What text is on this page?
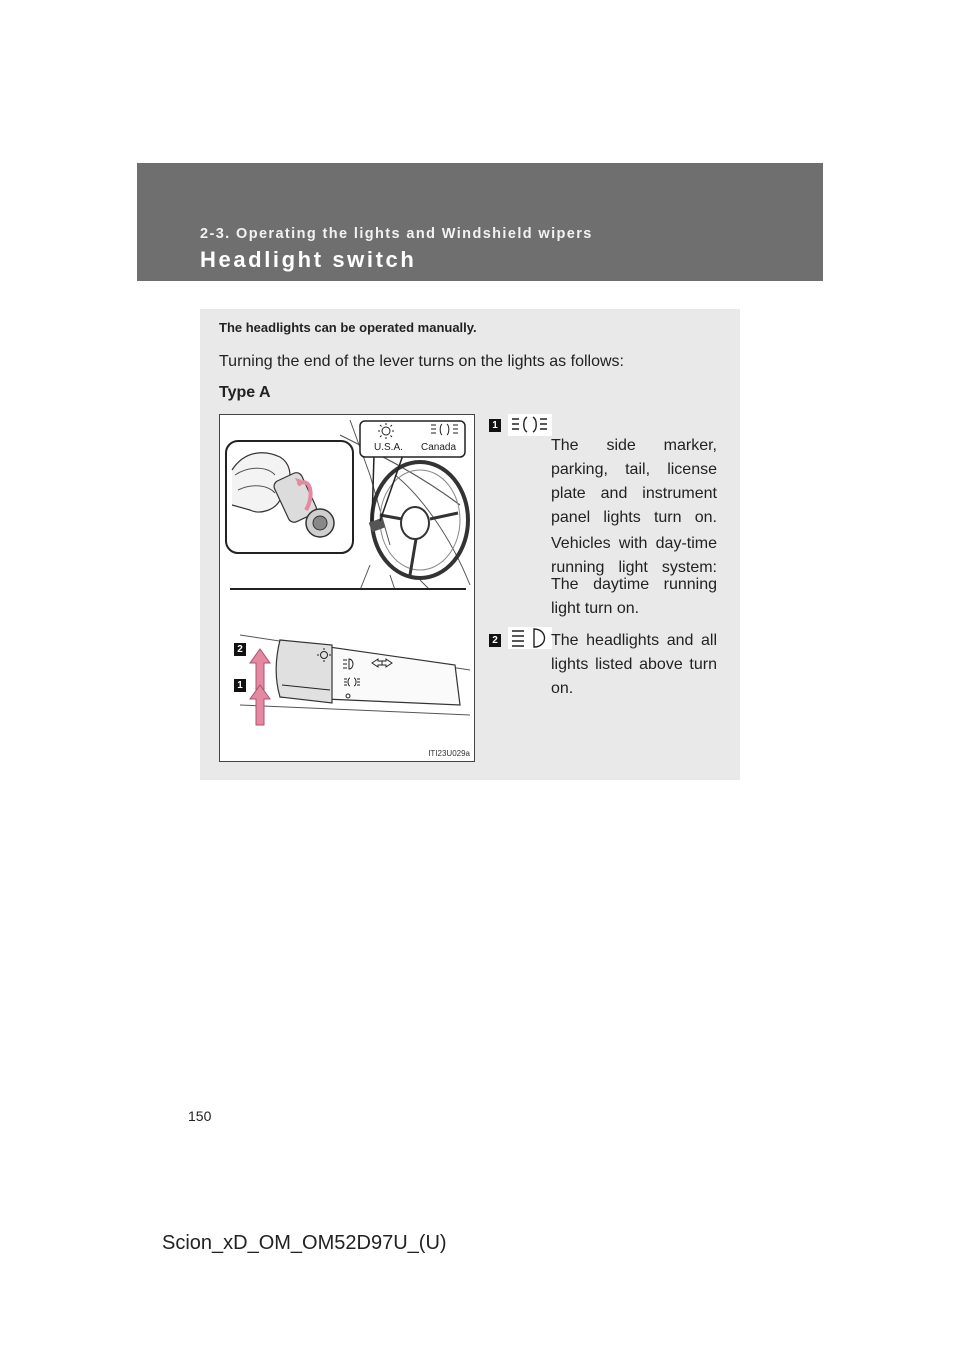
2-3. Operating the lights and Windshield wipers
Headlight switch
The headlights can be operated manually.
Turning the end of the lever turns on the lights as follows:
Type A
U.S.A. Canada
2
1
ITI23U029a
1
The side marker, parking, tail, license plate and instrument panel lights turn on.
Vehicles with day-time running light system:
The daytime running light turn on.
2	The headlights and all lights listed above turn on.
150
Scion_xD_OM_OM52D97U_(U)
